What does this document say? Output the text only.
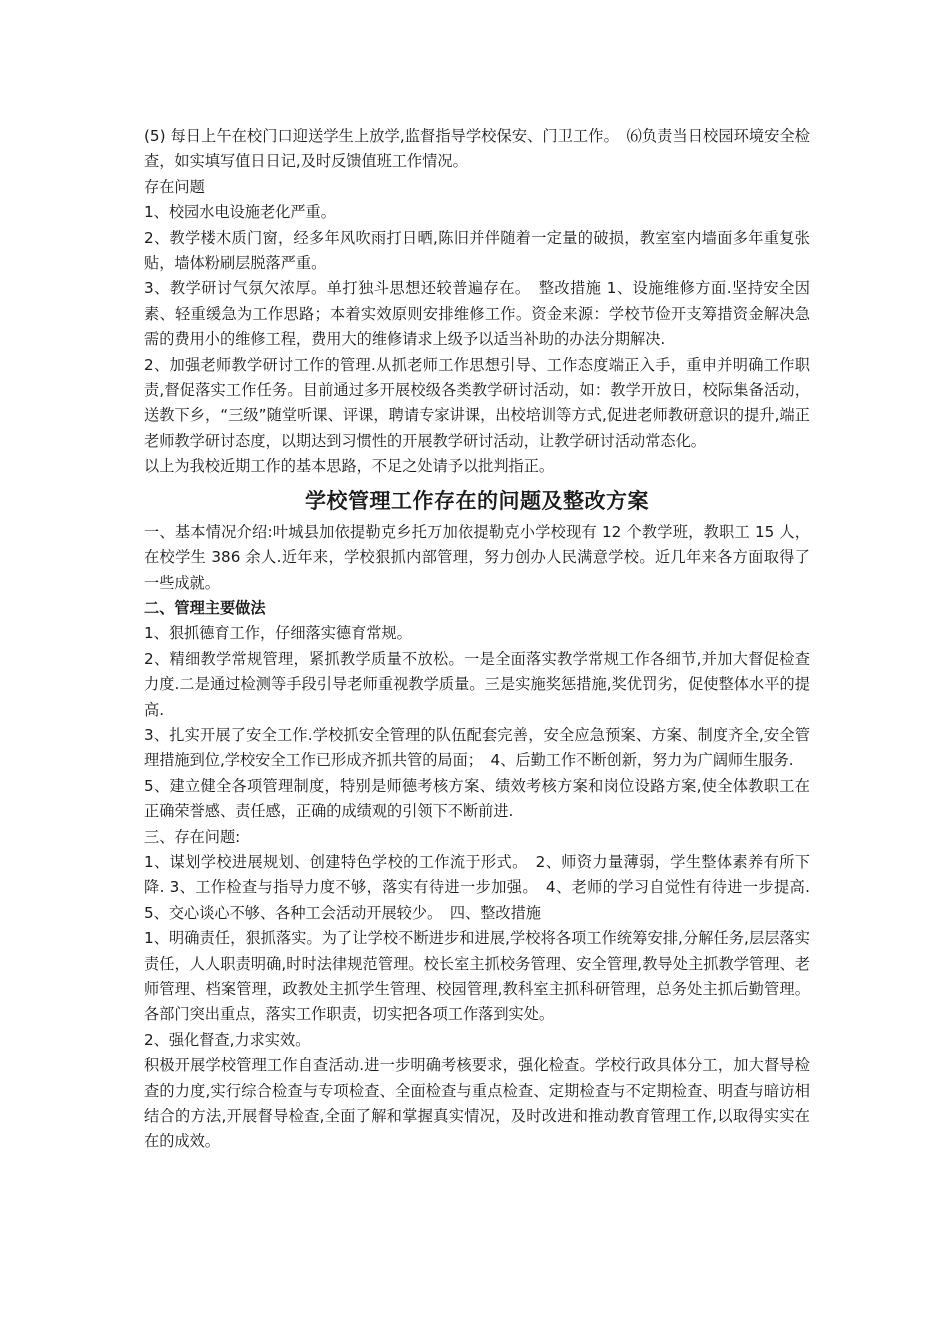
(5) 每日上午在校门口迎送学生上放学,监督指导学校保安、门卫工作。　⑹负责当日校园环境安全检查，如实填写值日日记,及时反馈值班工作情况。

存在问题

1、校园水电设施老化严重。

2、教学楼木质门窗，经多年风吹雨打日晒,陈旧并伴随着一定量的破损，教室室内墙面多年重复张贴，墙体粉刷层脱落严重。

3、教学研讨气氛欠浓厚。单打独斗思想还较普遍存在。　整改措施 1、设施维修方面.坚持安全因素、轻重缓急为工作思路；本着实效原则安排维修工作。资金来源：学校节俭开支筹措资金解决急需的费用小的维修工程，费用大的维修请求上级予以适当补助的办法分期解决.

2、加强老师教学研讨工作的管理.从抓老师工作思想引导、工作态度端正入手，重申并明确工作职责,督促落实工作任务。目前通过多开展校级各类教学研讨活动，如：教学开放日，校际集备活动，送教下乡，“三级”随堂听课、评课，聘请专家讲课，出校培训等方式,促进老师教研意识的提升,端正老师教学研讨态度，以期达到习惯性的开展教学研讨活动，让教学研讨活动常态化。

以上为我校近期工作的基本思路，不足之处请予以批判指正。

学校管理工作存在的问题及整改方案

一、基本情况介绍:叶城县加依提勒克乡托万加依提勒克小学校现有 12 个教学班，教职工 15 人，在校学生 386 余人.近年来，学校狠抓内部管理，努力创办人民满意学校。近几年来各方面取得了一些成就。

二、管理主要做法

1、狠抓德育工作，仔细落实德育常规。

2、精细教学常规管理，紧抓教学质量不放松。一是全面落实教学常规工作各细节,并加大督促检查力度.二是通过检测等手段引导老师重视教学质量。三是实施奖惩措施,奖优罚劣，促使整体水平的提高.

3、扎实开展了安全工作.学校抓安全管理的队伍配套完善，安全应急预案、方案、制度齐全,安全管理措施到位,学校安全工作已形成齐抓共管的局面；　4、后勤工作不断创新，努力为广阔师生服务.

5、建立健全各项管理制度，特别是师德考核方案、绩效考核方案和岗位设路方案,使全体教职工在正确荣誉感、责任感，正确的成绩观的引领下不断前进.

三、存在问题:

1、谋划学校进展规划、创建特色学校的工作流于形式。　2、师资力量薄弱，学生整体素养有所下降. 3、工作检查与指导力度不够，落实有待进一步加强。　4、老师的学习自觉性有待进一步提高. 5、交心谈心不够、各种工会活动开展较少。　四、整改措施

1、明确责任，狠抓落实。为了让学校不断进步和进展,学校将各项工作统筹安排,分解任务,层层落实责任，人人职责明确,时时法律规范管理。校长室主抓校务管理、安全管理,教导处主抓教学管理、老师管理、档案管理，政教处主抓学生管理、校园管理,教科室主抓科研管理，总务处主抓后勤管理。各部门突出重点，落实工作职责，切实把各项工作落到实处。

2、强化督查,力求实效。

积极开展学校管理工作自查活动.进一步明确考核要求，强化检查。学校行政具体分工，加大督导检查的力度,实行综合检查与专项检查、全面检查与重点检查、定期检查与不定期检查、明查与暗访相结合的方法,开展督导检查,全面了解和掌握真实情况，及时改进和推动教育管理工作,以取得实实在在的成效。
